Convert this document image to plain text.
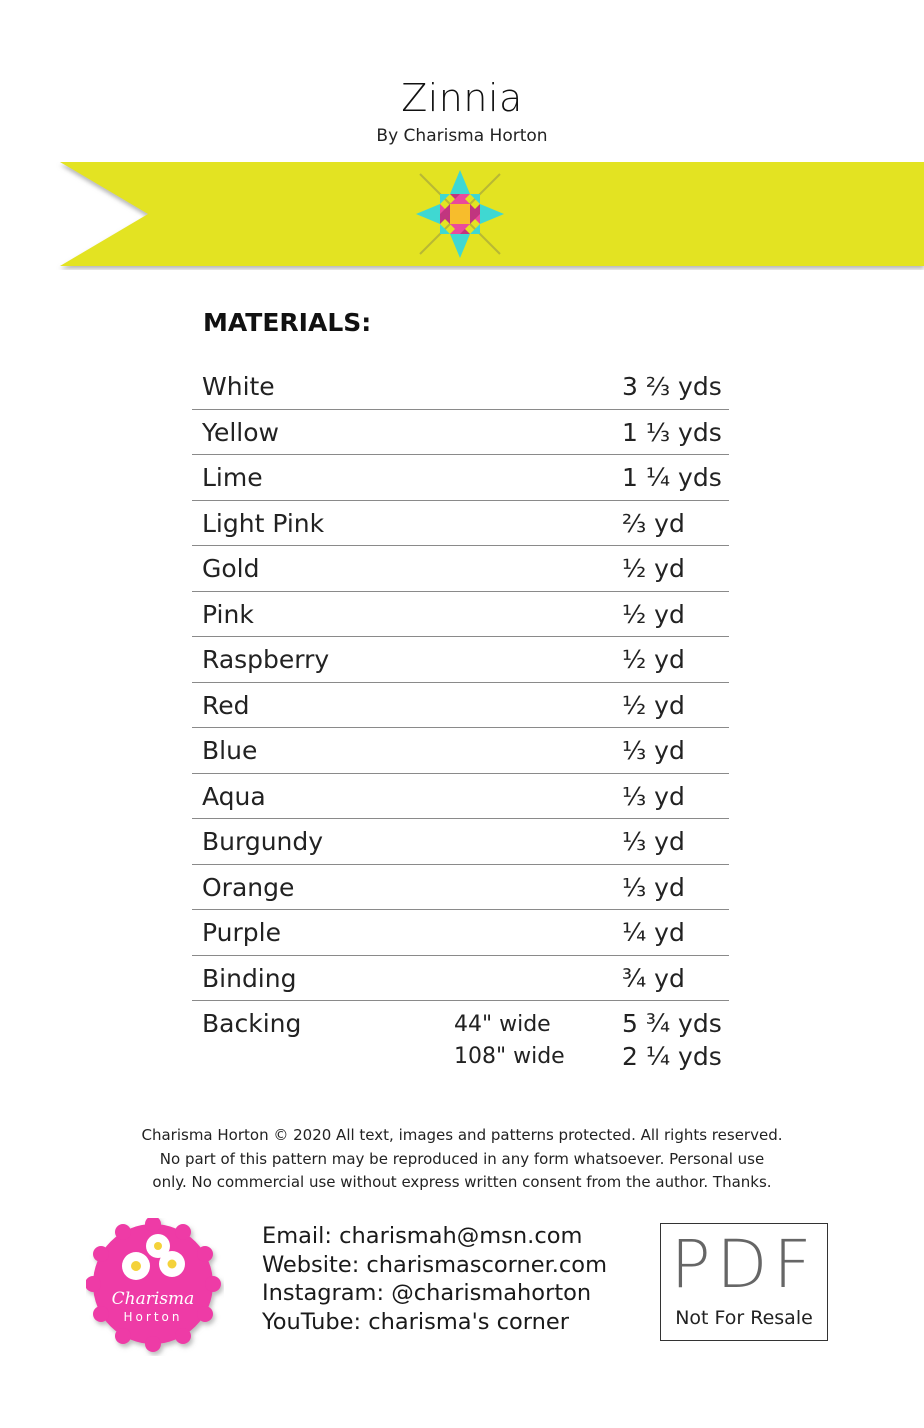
Zinnia
By Charisma Horton
MATERIALS:
White	3 ⅔ yds
Yellow	1 ⅓ yds
Lime	1 ¼ yds
Light Pink	⅔ yd
Gold	½ yd
Pink	½ yd
Raspberry	½ yd
Red	½ yd
Blue	⅓ yd
Aqua	⅓ yd
Burgundy	⅓ yd
Orange	⅓ yd
Purple	¼ yd
Binding	¾ yd
Backing	44" wide	5 ¾ yds
108" wide 2 ¼ yds
Charisma Horton © 2020 All text, images and patterns protected. All rights reserved.
No part of this pattern may be reproduced in any form whatsoever. Personal use
only. No commercial use without express written consent from the author. Thanks.
Charisma
Horton
Email: charismah@msn.com
Website: charismascorner.com
Instagram: @charismahorton
YouTube: charisma's corner
PDF
Not For Resale
